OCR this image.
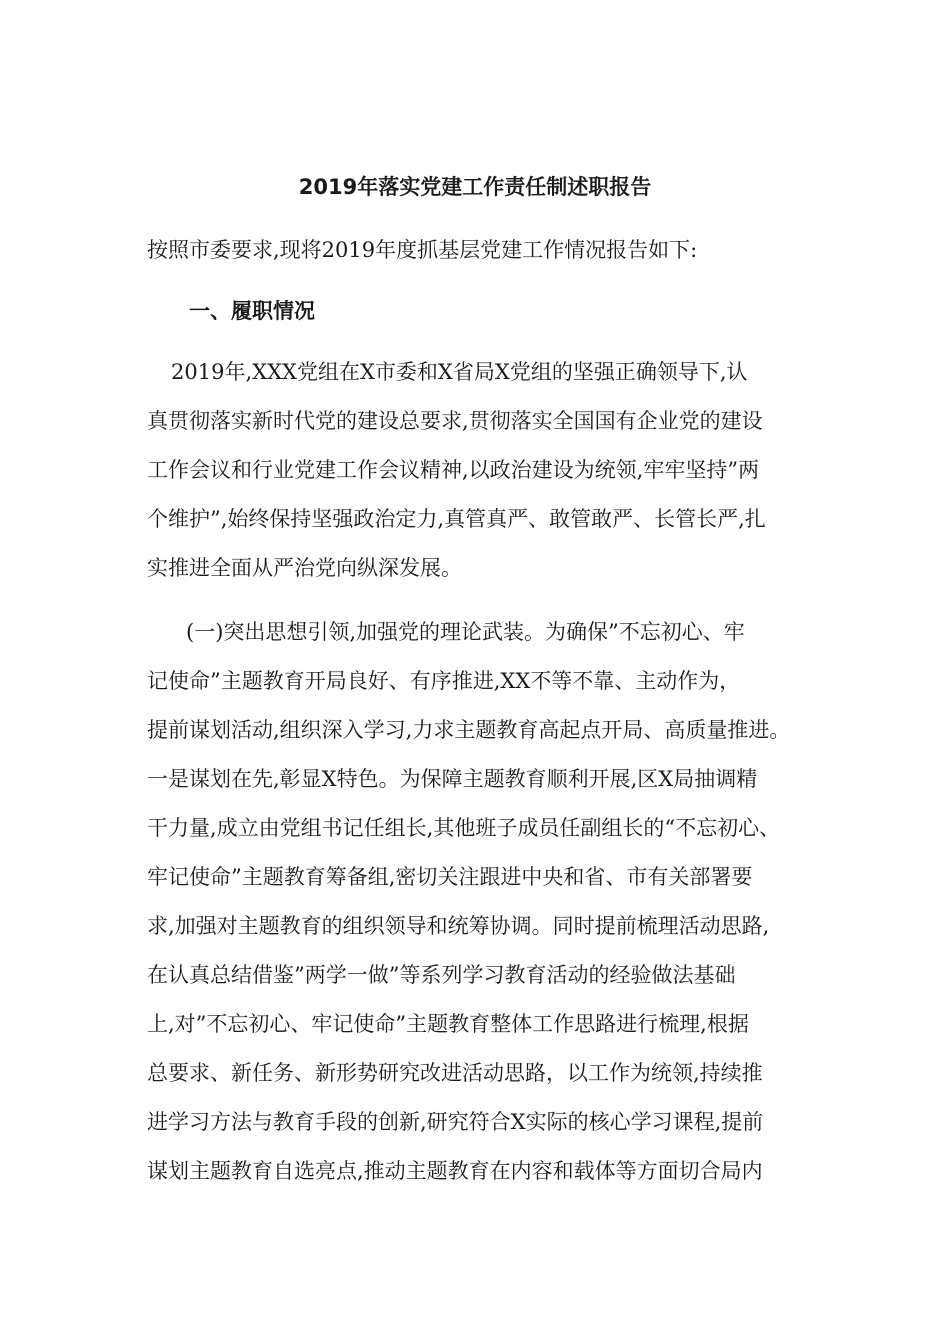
2019年落实党建工作责任制述职报告
按照市委要求,现将2019年度抓基层党建工作情况报告如下:
一、履职情况
2019年,XXX党组在X市委和X省局X党组的坚强正确领导下,认
真贯彻落实新时代党的建设总要求,贯彻落实全国国有企业党的建设
工作会议和行业党建工作会议精神,以政治建设为统领,牢牢坚持”两
个维护”,始终保持坚强政治定力,真管真严、敢管敢严、长管长严,扎
实推进全面从严治党向纵深发展。
(一)突出思想引领,加强党的理论武装。为确保”不忘初心、牢
记使命”主题教育开局良好、有序推进,XX不等不靠、主动作为，
提前谋划活动,组织深入学习,力求主题教育高起点开局、高质量推进。
一是谋划在先,彰显X特色。为保障主题教育顺利开展,区X局抽调精
干力量,成立由党组书记任组长,其他班子成员任副组长的“不忘初心、
牢记使命”主题教育筹备组,密切关注跟进中央和省、市有关部署要
求,加强对主题教育的组织领导和统筹协调。同时提前梳理活动思路,
在认真总结借鉴”两学一做”等系列学习教育活动的经验做法基础
上,对”不忘初心、牢记使命”主题教育整体工作思路进行梳理,根据
总要求、新任务、新形势研究改进活动思路，以工作为统领,持续推
进学习方法与教育手段的创新,研究符合X实际的核心学习课程,提前
谋划主题教育自选亮点,推动主题教育在内容和载体等方面切合局内
